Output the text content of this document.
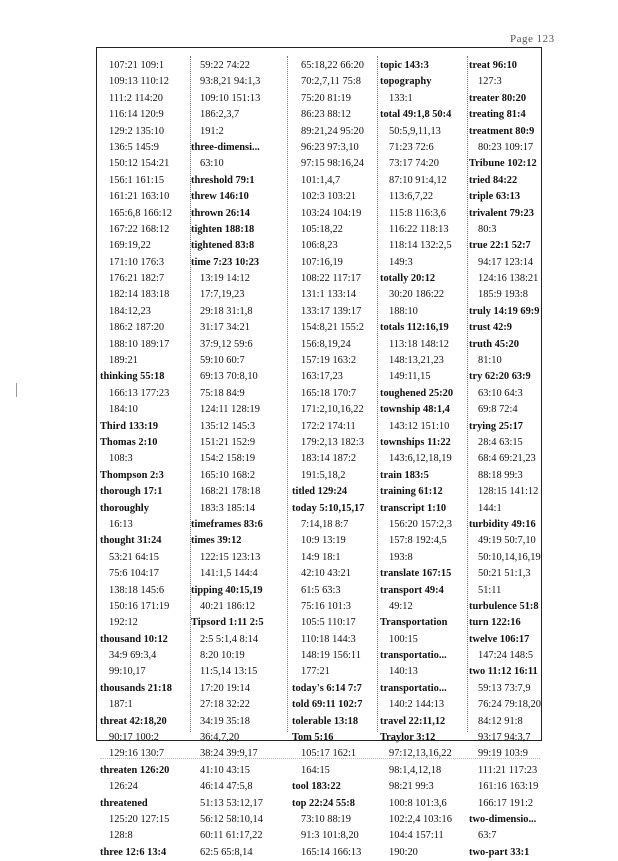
Page 123
107:21 109:1
109:13 110:12
111:2 114:20
116:14 120:9
129:2 135:10
136:5 145:9
150:12 154:21
156:1 161:15
161:21 163:10
165:6,8 166:12
167:22 168:12
169:19,22
171:10 176:3
176:21 182:7
182:14 183:18
184:12,23
186:2 187:20
188:10 189:17
189:21
thinking 55:18
166:13 177:23
184:10
Third 133:19
Thomas 2:10
108:3
Thompson 2:3
thorough 17:1
thoroughly
16:13
thought 31:24
53:21 64:15
75:6 104:17
138:18 145:6
150:16 171:19
192:12
thousand 10:12
34:9 69:3,4
99:10,17
thousands 21:18
187:1
threat 42:18,20
90:17 100:2
129:16 130:7
threaten 126:20
126:24
threatened
125:20 127:15
128:8
three 12:6 13:4
59:22 74:22
93:8,21 94:1,3
109:10 151:13
186:2,3,7
191:2
three-dimensi...
63:10
threshold 79:1
threw 146:10
thrown 26:14
tighten 188:18
tightened 83:8
time 7:23 10:23
13:19 14:12
17:7,19,23
29:18 31:1,8
31:17 34:21
37:9,12 59:6
59:10 60:7
69:13 70:8,10
75:18 84:9
124:11 128:19
135:12 145:3
151:21 152:9
154:2 158:19
165:10 168:2
168:21 178:18
183:3 185:14
timeframes 83:6
times 39:12
122:15 123:13
141:1,5 144:4
tipping 40:15,19
40:21 186:12
Tipsord 1:11 2:5
2:5 5:1,4 8:14
8:20 10:19
11:5,14 13:15
17:20 19:14
27:18 32:22
34:19 35:18
36:4,7,20
38:24 39:9,17
41:10 43:15
46:14 47:5,8
51:13 53:12,17
56:12 58:10,14
60:11 61:17,22
62:5 65:8,14
65:18,22 66:20
70:2,7,11 75:8
75:20 81:19
86:23 88:12
89:21,24 95:20
96:23 97:3,10
97:15 98:16,24
101:1,4,7
102:3 103:21
103:24 104:19
105:18,22
106:8,23
107:16,19
108:22 117:17
131:1 133:14
133:17 139:17
154:8,21 155:2
156:8,19,24
157:19 163:2
163:17,23
165:18 170:7
171:2,10,16,22
172:2 174:11
179:2,13 182:3
183:14 187:2
191:5,18,2
titled 129:24
today 5:10,15,17
7:14,18 8:7
10:9 13:19
14:9 18:1
42:10 43:21
61:5 63:3
75:16 101:3
105:5 110:17
110:18 144:3
148:19 156:11
177:21
today's 6:14 7:7
told 69:11 102:7
tolerable 13:18
Tom 5:16
105:17 162:1
164:15
tool 183:22
top 22:24 55:8
73:10 88:19
91:3 101:8,20
165:14 166:13
topic 143:3
topography
133:1
total 49:1,8 50:4
50:5,9,11,13
71:23 72:6
73:17 74:20
87:10 91:4,12
113:6,7,22
115:8 116:3,6
116:22 118:13
118:14 132:2,5
149:3
totally 20:12
30:20 186:22
188:10
totals 112:16,19
113:18 148:12
148:13,21,23
149:11,15
toughened 25:20
township 48:1,4
143:12 151:10
townships 11:22
143:6,12,18,19
train 183:5
training 61:12
transcript 1:10
156:20 157:2,3
157:8 192:4,5
193:8
translate 167:15
transport 49:4
49:12
Transportation
100:15
transportatio...
140:13
transportatio...
140:2 144:13
travel 22:11,12
Traylor 3:12
97:12,13,16,22
98:1,4,12,18
98:21 99:3
100:8 101:3,6
102:2,4 103:16
104:4 157:11
190:20
treat 96:10
127:3
treater 80:20
treating 81:4
treatment 80:9
80:23 109:17
Tribune 102:12
tried 84:22
triple 63:13
trivalent 79:23
80:3
true 22:1 52:7
94:17 123:14
124:16 138:21
185:9 193:8
truly 14:19 69:9
trust 42:9
truth 45:20
81:10
try 62:20 63:9
63:10 64:3
69:8 72:4
trying 25:17
28:4 63:15
68:4 69:21,23
88:18 99:3
128:15 141:12
144:1
turbidity 49:16
49:19 50:7,10
50:10,14,16,19
50:21 51:1,3
51:11
turbulence 51:8
turn 122:16
twelve 106:17
147:24 148:5
two 11:12 16:11
59:13 73:7,9
76:24 79:18,20
84:12 91:8
93:17 94:3,7
99:19 103:9
111:21 117:23
161:16 163:19
166:17 191:2
two-dimensio...
63:7
two-part 33:1
